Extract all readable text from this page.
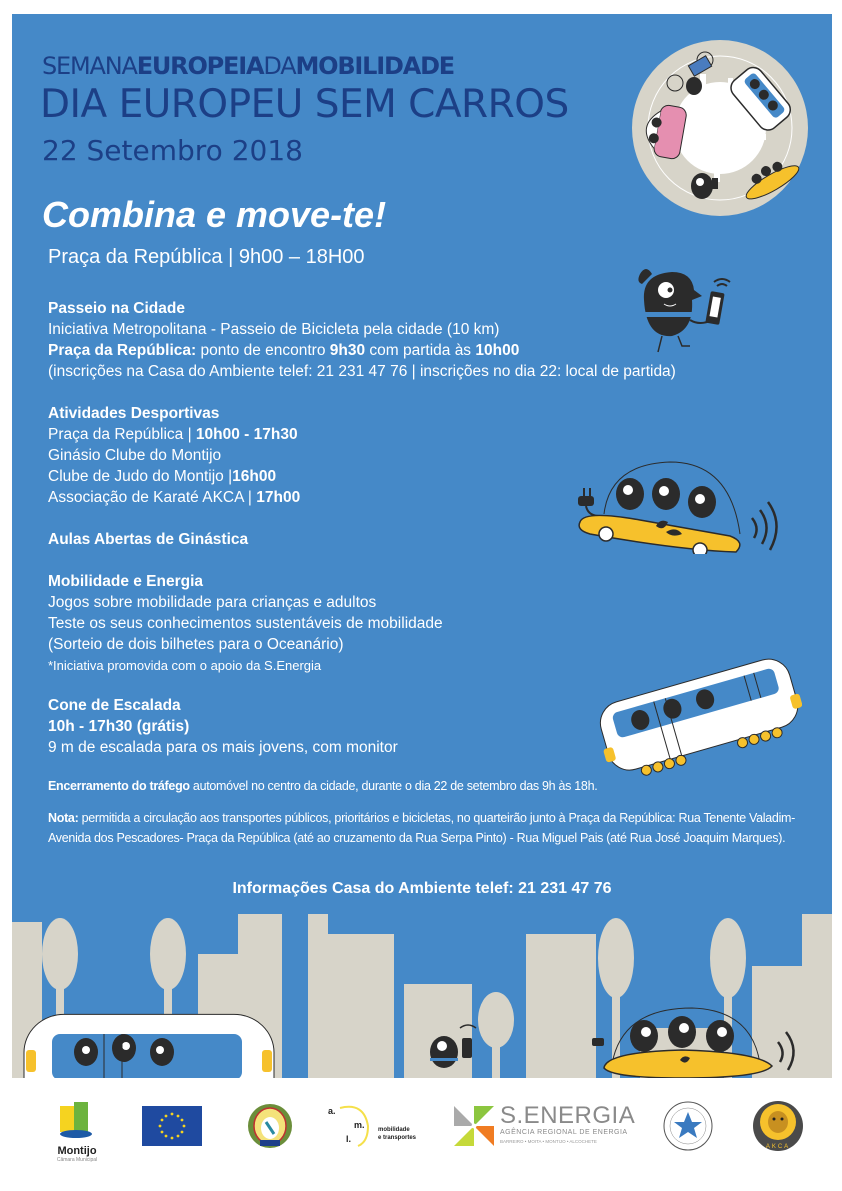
SEMANAEUROPEIADAMOBILIDADE
DIA EUROPEU SEM CARROS
22 Setembro 2018
Combina e move-te!
Praça da República | 9h00 – 18H00
Passeio na Cidade
Iniciativa Metropolitana - Passeio de Bicicleta pela cidade (10 km)
Praça da República: ponto de encontro 9h30 com partida às 10h00
(inscrições na Casa do Ambiente telef: 21 231 47 76 | inscrições no dia 22: local de partida)
Atividades Desportivas
Praça da República | 10h00 - 17h30
Ginásio Clube do Montijo
Clube de Judo do Montijo |16h00
Associação de Karaté AKCA | 17h00
Aulas Abertas de Ginástica
Mobilidade e Energia
Jogos sobre mobilidade para crianças e adultos
Teste os seus conhecimentos sustentáveis de mobilidade
(Sorteio de dois bilhetes para o Oceanário)
*Iniciativa promovida com o apoio da S.Energia
Cone de Escalada
10h - 17h30 (grátis)
9 m de escalada para os mais jovens, com monitor
Encerramento do tráfego automóvel no centro da cidade, durante o dia 22 de setembro das 9h às 18h.
Nota: permitida a circulação aos transportes públicos, prioritários e bicicletas, no quarteirão junto à Praça da República: Rua Tenente Valadim- Avenida dos Pescadores- Praça da República (até ao cruzamento da Rua Serpa Pinto) - Rua Miguel Pais (até Rua José Joaquim Marques).
Informações Casa do Ambiente telef: 21 231 47 76
Montijo
Câmara Municipal
a.
m.
l.
mobilidade
e transportes
S.ENERGIA
AGÊNCIA REGIONAL DE ENERGIA
BARREIRO • MOITA • MONTIJO • ALCOCHETE
AKCA
